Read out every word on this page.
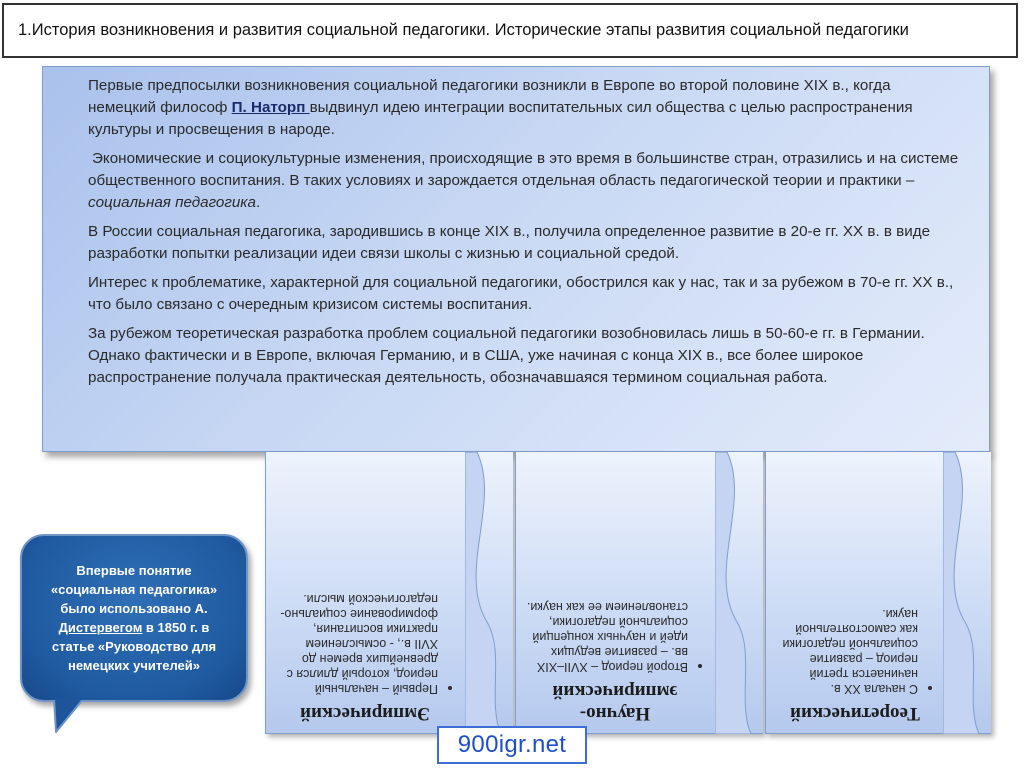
1.История возникновения и развития социальной педагогики. Исторические этапы развития социальной педагогики

Первые предпосылки возникновения социальной педагогики возникли в Европе во второй половине XIX в., когда немецкий философ П. Наторп выдвинул идею интеграции воспитательных сил общества с целью распространения культуры и просвещения в народе.

Экономические и социокультурные изменения, происходящие в это время в большинстве стран, отразились и на системе общественного воспитания. В таких условиях и зарождается отдельная область педагогической теории и практики – социальная педагогика.

В России социальная педагогика, зародившись в конце XIX в., получила определенное развитие в 20-е гг. XX в. в виде разработки попытки реализации идеи связи школы с жизнью и социальной средой.

Интерес к проблематике, характерной для социальной педагогики, обострился как у нас, так и за рубежом в 70-е гг. XX в., что было связано с очередным кризисом системы воспитания.

За рубежом теоретическая разработка проблем социальной педагогики возобновилась лишь в 50-60-е гг. в Германии. Однако фактически и в Европе, включая Германию, и в США, уже начиная с конца XIX в., все более широкое распространение получала практическая деятельность, обозначавшаяся термином социальная работа.

Эмпирический
• Первый – начальный период, который длился с древнейших времен до XVII в., - осмыслением практики воспитания, формирование социально-педагогической мысли.
Научно-эмпирический
• Второй период – XVII–XIX вв. – развитие ведущих идей и научных концепций социальной педагогики, становлением ее как науки.
Теоретический
• С начала XX в. начинается третий период – развитие социальной педагогики как самостоятельной науки.
Впервые понятие «социальная педагогика» было использовано А. Дистервегом в 1850 г. в статье «Руководство для немецких учителей»
900igr.net
